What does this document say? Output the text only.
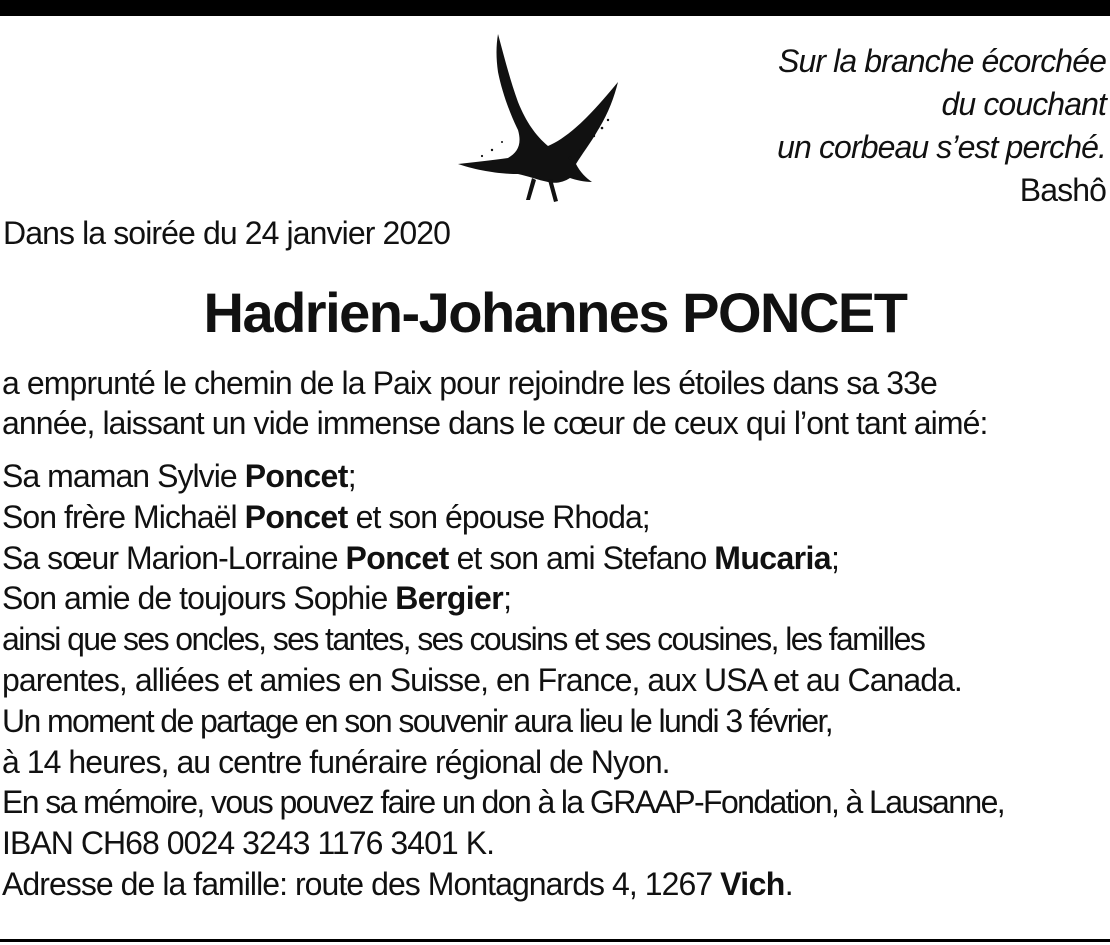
Sur la branche écorchée
du couchant
un corbeau s’est perché.
Bashô
Dans la soirée du 24 janvier 2020
Hadrien-Johannes PONCET
a emprunté le chemin de la Paix pour rejoindre les étoiles dans sa 33e
année, laissant un vide immense dans le cœur de ceux qui l’ont tant aimé:
Sa maman Sylvie Poncet;
Son frère Michaël Poncet et son épouse Rhoda;
Sa sœur Marion-Lorraine Poncet et son ami Stefano Mucaria;
Son amie de toujours Sophie Bergier;
ainsi que ses oncles, ses tantes, ses cousins et ses cousines, les familles
parentes, alliées et amies en Suisse, en France, aux USA et au Canada.
Un moment de partage en son souvenir aura lieu le lundi 3 février,
à 14 heures, au centre funéraire régional de Nyon.
En sa mémoire, vous pouvez faire un don à la GRAAP-Fondation, à Lausanne,
IBAN CH68 0024 3243 1176 3401 K.
Adresse de la famille: route des Montagnards 4, 1267 Vich.
